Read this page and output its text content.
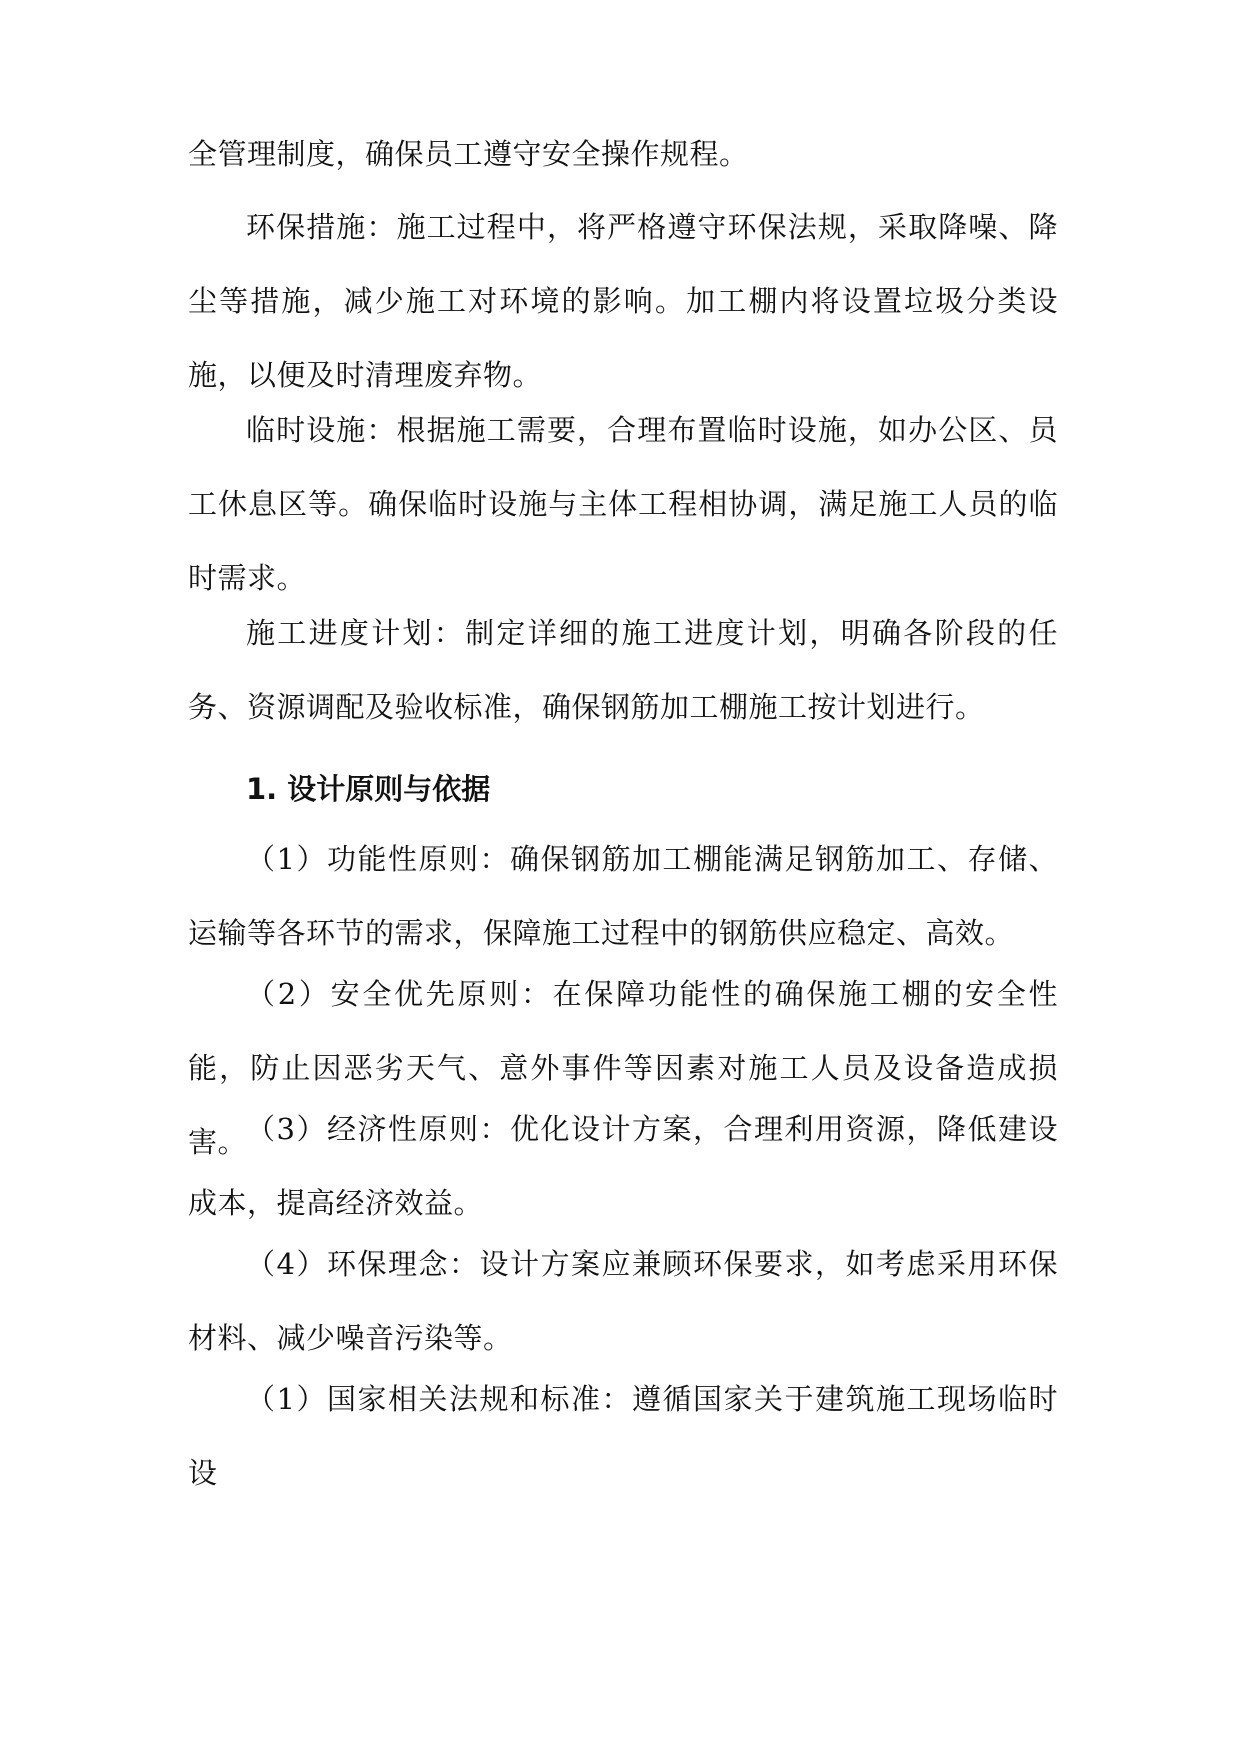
全管理制度，确保员工遵守安全操作规程。

环保措施：施工过程中，将严格遵守环保法规，采取降噪、降尘等措施，减少施工对环境的影响。加工棚内将设置垃圾分类设施，以便及时清理废弃物。

临时设施：根据施工需要，合理布置临时设施，如办公区、员工休息区等。确保临时设施与主体工程相协调，满足施工人员的临时需求。

施工进度计划：制定详细的施工进度计划，明确各阶段的任务、资源调配及验收标准，确保钢筋加工棚施工按计划进行。

1. 设计原则与依据

（1）功能性原则：确保钢筋加工棚能满足钢筋加工、存储、运输等各环节的需求，保障施工过程中的钢筋供应稳定、高效。

（2）安全优先原则：在保障功能性的确保施工棚的安全性能，防止因恶劣天气、意外事件等因素对施工人员及设备造成损害。

（3）经济性原则：优化设计方案，合理利用资源，降低建设成本，提高经济效益。

（4）环保理念：设计方案应兼顾环保要求，如考虑采用环保材料、减少噪音污染等。

（1）国家相关法规和标准：遵循国家关于建筑施工现场临时设
